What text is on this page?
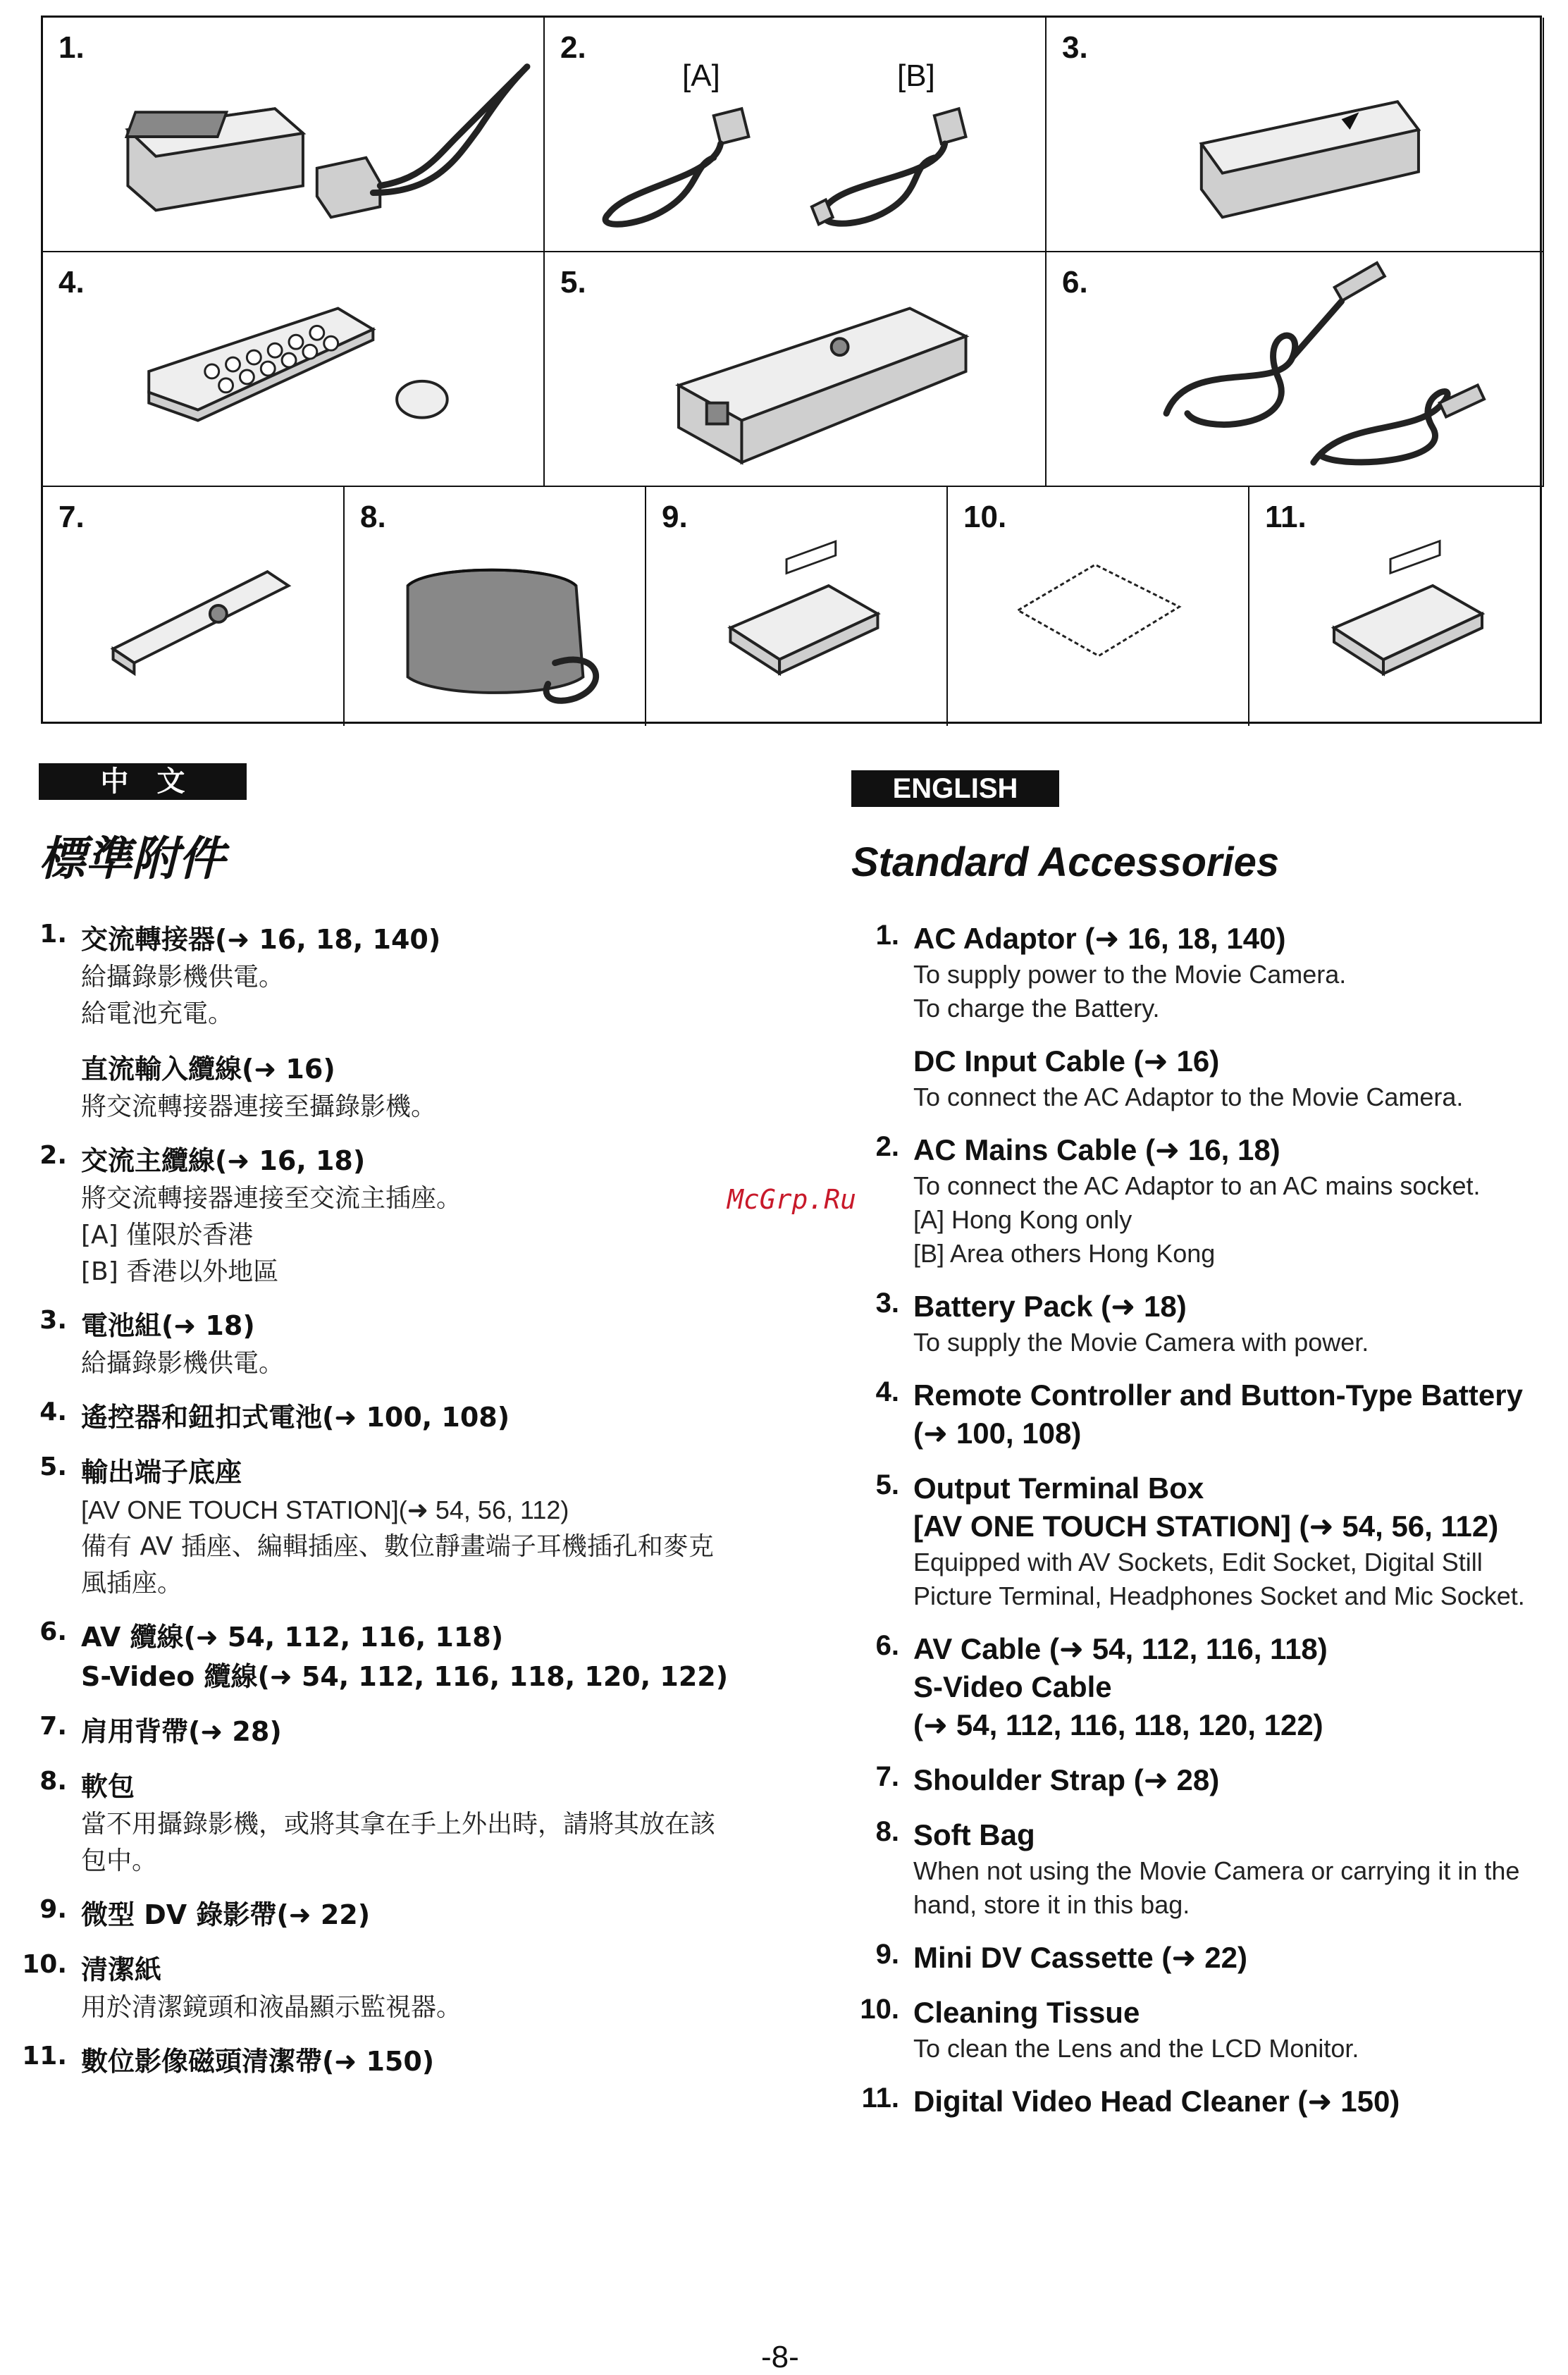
1.	2.
[A]	[B]
3.
4.	5.	6.
7.	8.	9.	10.	11.
中　文
標準附件
1. 交流轉接器(➜ 16, 18, 140)
給攝錄影機供電。
給電池充電。
直流輸入纜線(➜ 16)
將交流轉接器連接至攝錄影機。
2. 交流主纜線(➜ 16, 18)
將交流轉接器連接至交流主插座。
[A] 僅限於香港
[B] 香港以外地區
3. 電池組(➜ 18)
給攝錄影機供電。
4. 遙控器和鈕扣式電池(➜ 100, 108)
5. 輸出端子底座
[AV ONE TOUCH STATION](➜ 54, 56, 112)
備有 AV 插座、編輯插座、數位靜畫端子耳機插孔和麥克風插座。
6. AV 纜線(➜ 54, 112, 116, 118)
S-Video 纜線(➜ 54, 112, 116, 118, 120, 122)
7. 肩用背帶(➜ 28)
8. 軟包
當不用攝錄影機，或將其拿在手上外出時，請將其放在該包中。
9. 微型 DV 錄影帶(➜ 22)
10. 清潔紙
用於清潔鏡頭和液晶顯示監視器。
11. 數位影像磁頭清潔帶(➜ 150)
McGrp.Ru
ENGLISH
Standard Accessories
1. AC Adaptor (➜ 16, 18, 140)
To supply power to the Movie Camera.
To charge the Battery.
DC Input Cable (➜ 16)
To connect the AC Adaptor to the Movie Camera.
2. AC Mains Cable (➜ 16, 18)
To connect the AC Adaptor to an AC mains socket.
[A] Hong Kong only
[B] Area others Hong Kong
3. Battery Pack (➜ 18)
To supply the Movie Camera with power.
4. Remote Controller and Button-Type Battery (➜ 100, 108)
5. Output Terminal Box
[AV ONE TOUCH STATION] (➜ 54, 56, 112)
Equipped with AV Sockets, Edit Socket, Digital Still Picture Terminal, Headphones Socket and Mic Socket.
6. AV Cable (➜ 54, 112, 116, 118)
S-Video Cable
(➜ 54, 112, 116, 118, 120, 122)
7. Shoulder Strap (➜ 28)
8. Soft Bag
When not using the Movie Camera or carrying it in the hand, store it in this bag.
9. Mini DV Cassette (➜ 22)
10. Cleaning Tissue
To clean the Lens and the LCD Monitor.
11. Digital Video Head Cleaner (➜ 150)
-8-
